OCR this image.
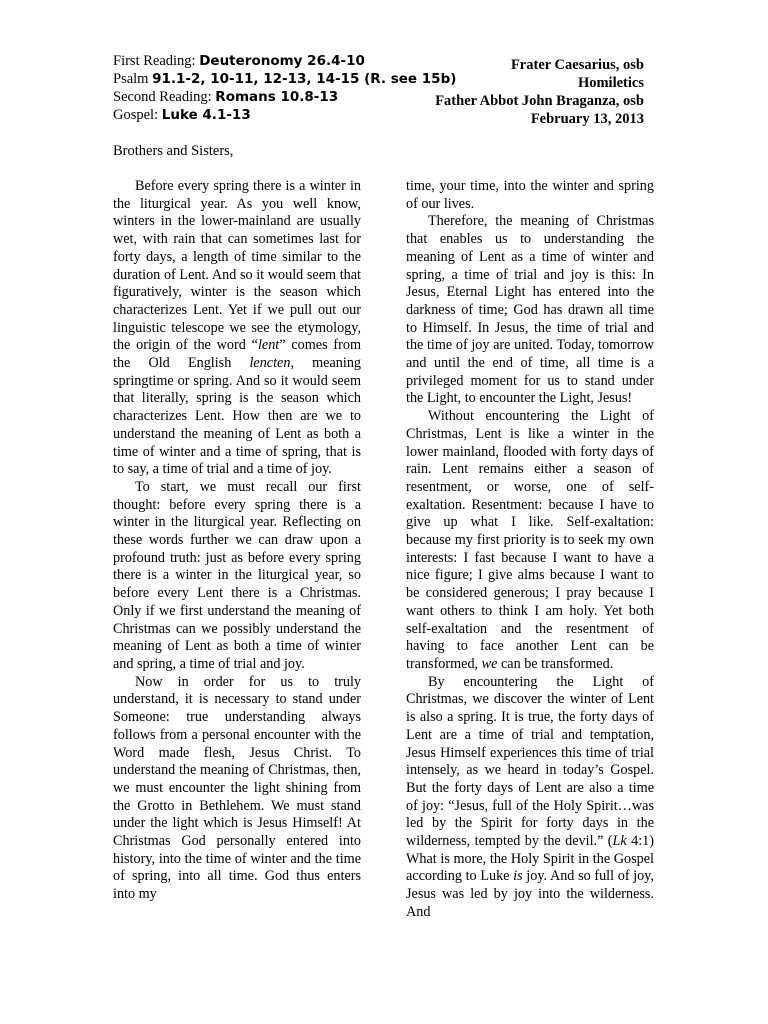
First Reading: Deuteronomy 26.4-10
Psalm 91.1-2, 10-11, 12-13, 14-15 (R. see 15b)
Second Reading: Romans 10.8-13
Gospel: Luke 4.1-13
Frater Caesarius, osb
Homiletics
Father Abbot John Braganza, osb
February 13, 2013
Brothers and Sisters,

Before every spring there is a winter in the liturgical year. As you well know, winters in the lower-mainland are usually wet, with rain that can sometimes last for forty days, a length of time similar to the duration of Lent. And so it would seem that figuratively, winter is the season which characterizes Lent. Yet if we pull out our linguistic telescope we see the etymology, the origin of the word “lent” comes from the Old English lencten, meaning springtime or spring. And so it would seem that literally, spring is the season which characterizes Lent. How then are we to understand the meaning of Lent as both a time of winter and a time of spring, that is to say, a time of trial and a time of joy.

To start, we must recall our first thought: before every spring there is a winter in the liturgical year. Reflecting on these words further we can draw upon a profound truth: just as before every spring there is a winter in the liturgical year, so before every Lent there is a Christmas. Only if we first understand the meaning of Christmas can we possibly understand the meaning of Lent as both a time of winter and spring, a time of trial and joy.

Now in order for us to truly understand, it is necessary to stand under Someone: true understanding always follows from a personal encounter with the Word made flesh, Jesus Christ. To understand the meaning of Christmas, then, we must encounter the light shining from the Grotto in Bethlehem. We must stand under the light which is Jesus Himself! At Christmas God personally entered into history, into the time of winter and the time of spring, into all time. God thus enters into my

time, your time, into the winter and spring of our lives.

Therefore, the meaning of Christmas that enables us to understanding the meaning of Lent as a time of winter and spring, a time of trial and joy is this: In Jesus, Eternal Light has entered into the darkness of time; God has drawn all time to Himself. In Jesus, the time of trial and the time of joy are united. Today, tomorrow and until the end of time, all time is a privileged moment for us to stand under the Light, to encounter the Light, Jesus!

Without encountering the Light of Christmas, Lent is like a winter in the lower mainland, flooded with forty days of rain. Lent remains either a season of resentment, or worse, one of self-exaltation. Resentment: because I have to give up what I like. Self-exaltation: because my first priority is to seek my own interests: I fast because I want to have a nice figure; I give alms because I want to be considered generous; I pray because I want others to think I am holy. Yet both self-exaltation and the resentment of having to face another Lent can be transformed, we can be transformed.

By encountering the Light of Christmas, we discover the winter of Lent is also a spring. It is true, the forty days of Lent are a time of trial and temptation, Jesus Himself experiences this time of trial intensely, as we heard in today’s Gospel. But the forty days of Lent are also a time of joy: “Jesus, full of the Holy Spirit…was led by the Spirit for forty days in the wilderness, tempted by the devil.” (Lk 4:1) What is more, the Holy Spirit in the Gospel according to Luke is joy. And so full of joy, Jesus was led by joy into the wilderness. And
